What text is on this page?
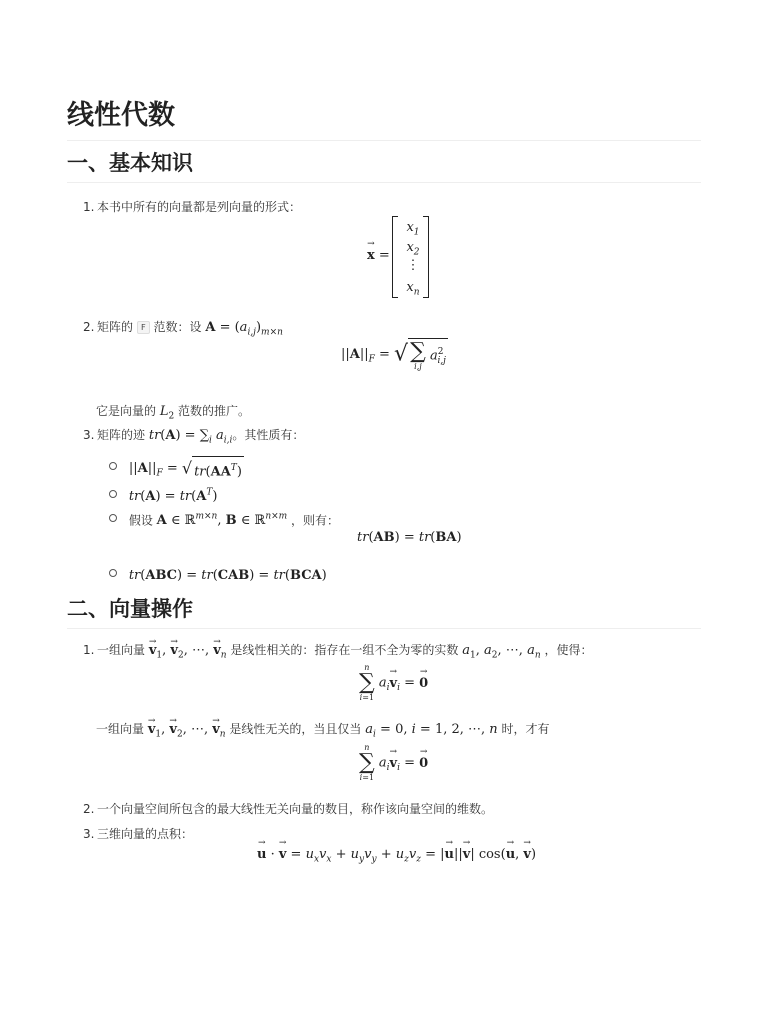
线性代数
一、基本知识
1. 本书中所有的向量都是列向量的形式：
→ x =
$x_1$
$x_2$
⋮
$x_n$
2. 矩阵的 F 范数：设 $A = (a_{i,j})_{m\times n}$
$||A||_F$ = √ ∑
i,j
$a^2_{i,j}$
它是向量的 $L_2$ 范数的推广。
3. 矩阵的迹 $tr(A) = \sum_i$ $a_{i,i}$。其性质有：
$||A||_F$ = √ $tr(AA^T)$
$tr(A) = tr(A^T)$
假设 A ∈ ℝ$^{m\times n}$, B ∈ ℝ$^{n\times m}$ ，则有：
tr(AB) = tr(BA)
tr(ABC) = tr(CAB) = tr(BCA)
二、向量操作
1. 一组向量 → $v_1$, → $v_2$, ⋯, → $v_n$ 是线性相关的：指存在一组不全为零的实数 $a_1$, $a_2$, ⋯, $a_n$ ，使得：
n
∑
i=1
$a_i\to v_i$ = → 0
一组向量 → $v_1$, → $v_2$, ⋯, → $v_n$ 是线性无关的，当且仅当 $a_i = 0$, i = 1, 2, ⋯, n 时，才有
n
∑
i=1
$a_i\to v_i$ = → 0
2. 一个向量空间所包含的最大线性无关向量的数目，称作该向量空间的维数。
3. 三维向量的点积：
→ u · → $v = u_xv_x + u_yv_y + u_zv_z$ = |→ u||→ v| cos(→ u, → v)
